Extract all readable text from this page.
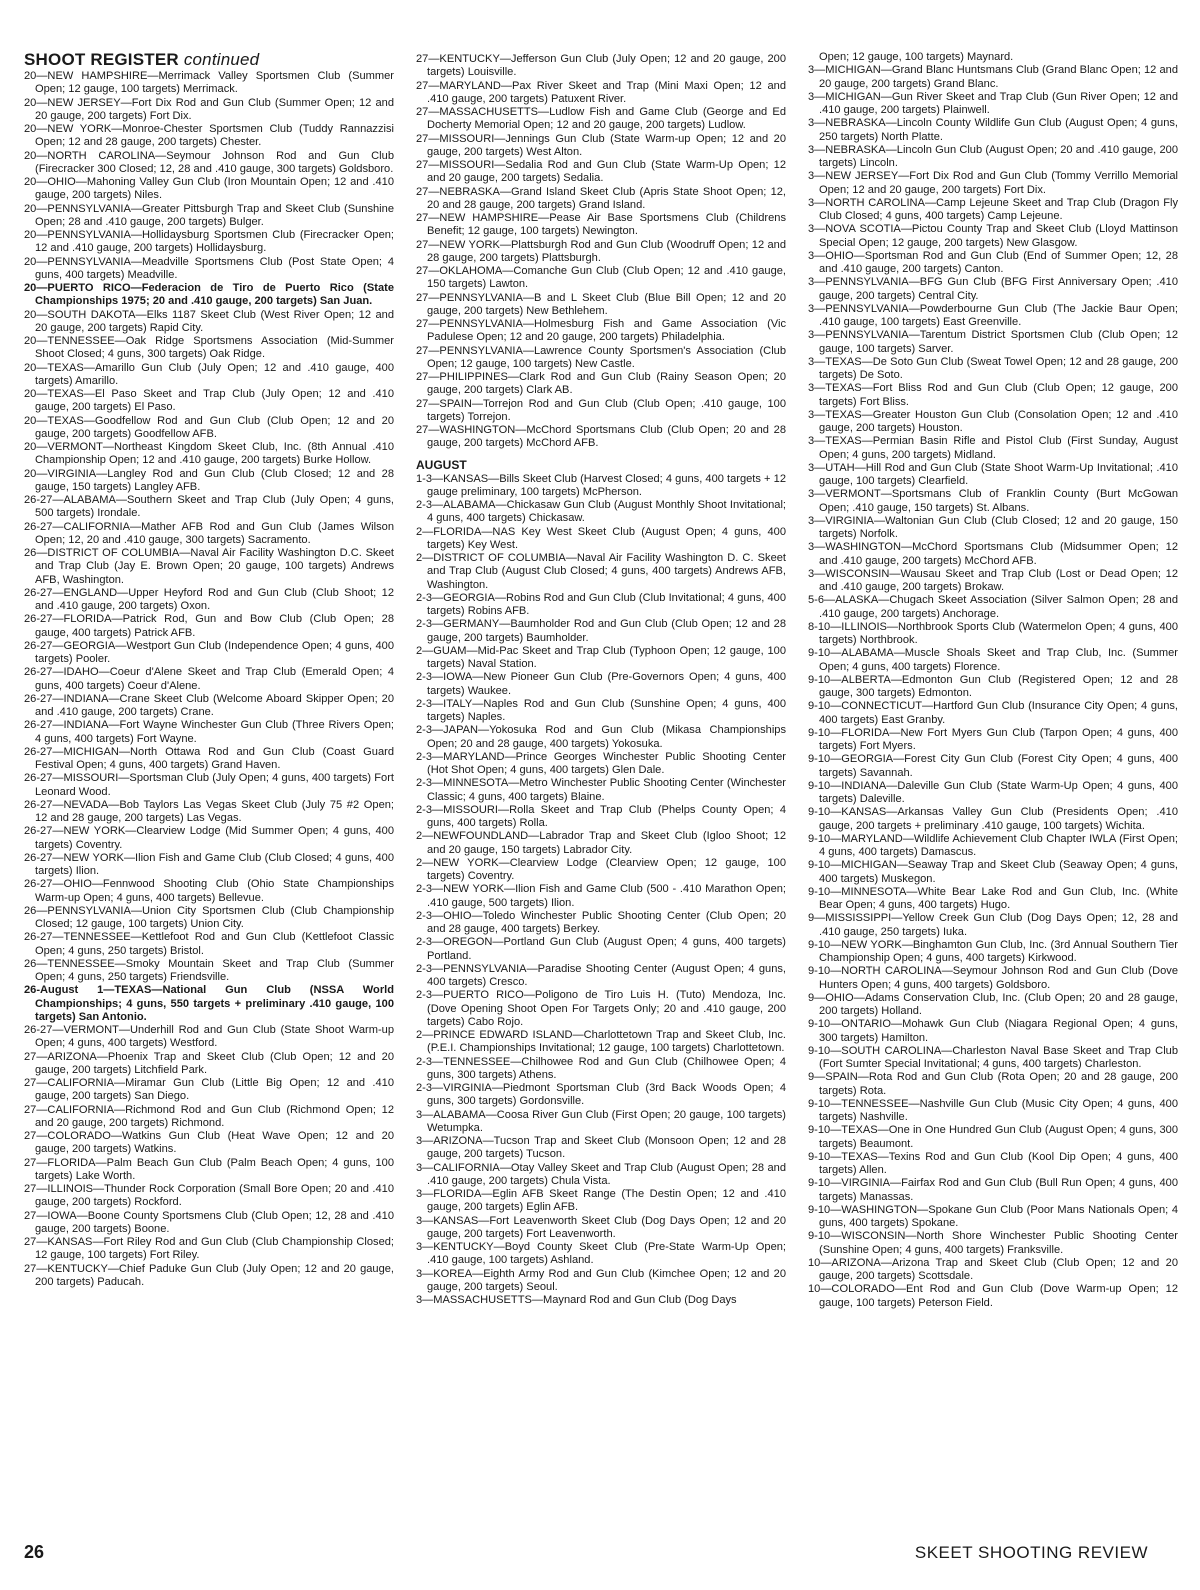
SHOOT REGISTER continued

20—NEW HAMPSHIRE—Merrimack Valley Sportsmen Club (Summer Open; 12 gauge, 100 targets) Merrimack.

20—NEW JERSEY—Fort Dix Rod and Gun Club (Summer Open; 12 and 20 gauge, 200 targets) Fort Dix.

20—NEW YORK—Monroe-Chester Sportsmen Club (Tuddy Rannazzisi Open; 12 and 28 gauge, 200 targets) Chester.

20—NORTH CAROLINA—Seymour Johnson Rod and Gun Club (Firecracker 300 Closed; 12, 28 and .410 gauge, 300 targets) Goldsboro.

20—OHIO—Mahoning Valley Gun Club (Iron Mountain Open; 12 and .410 gauge, 200 targets) Niles.

20—PENNSYLVANIA—Greater Pittsburgh Trap and Skeet Club (Sunshine Open; 28 and .410 gauge, 200 targets) Bulger.

20—PENNSYLVANIA—Hollidaysburg Sportsmen Club (Firecracker Open; 12 and .410 gauge, 200 targets) Hollidaysburg.

20—PENNSYLVANIA—Meadville Sportsmens Club (Post State Open; 4 guns, 400 targets) Meadville.

20—PUERTO RICO—Federacion de Tiro de Puerto Rico (State Championships 1975; 20 and .410 gauge, 200 targets) San Juan.

20—SOUTH DAKOTA—Elks 1187 Skeet Club (West River Open; 12 and 20 gauge, 200 targets) Rapid City.

20—TENNESSEE—Oak Ridge Sportsmens Association (Mid-Summer Shoot Closed; 4 guns, 300 targets) Oak Ridge.

20—TEXAS—Amarillo Gun Club (July Open; 12 and .410 gauge, 400 targets) Amarillo.

20—TEXAS—El Paso Skeet and Trap Club (July Open; 12 and .410 gauge, 200 targets) El Paso.

20—TEXAS—Goodfellow Rod and Gun Club (Club Open; 12 and 20 gauge, 200 targets) Goodfellow AFB.

20—VERMONT—Northeast Kingdom Skeet Club, Inc. (8th Annual .410 Championship Open; 12 and .410 gauge, 200 targets) Burke Hollow.

20—VIRGINIA—Langley Rod and Gun Club (Club Closed; 12 and 28 gauge, 150 targets) Langley AFB.

26-27—ALABAMA—Southern Skeet and Trap Club (July Open; 4 guns, 500 targets) Irondale.

26-27—CALIFORNIA—Mather AFB Rod and Gun Club (James Wilson Open; 12, 20 and .410 gauge, 300 targets) Sacramento.

26—DISTRICT OF COLUMBIA—Naval Air Facility Washington D.C. Skeet and Trap Club (Jay E. Brown Open; 20 gauge, 100 targets) Andrews AFB, Washington.

26-27—ENGLAND—Upper Heyford Rod and Gun Club (Club Shoot; 12 and .410 gauge, 200 targets) Oxon.

26-27—FLORIDA—Patrick Rod, Gun and Bow Club (Club Open; 28 gauge, 400 targets) Patrick AFB.

26-27—GEORGIA—Westport Gun Club (Independence Open; 4 guns, 400 targets) Pooler.

26-27—IDAHO—Coeur d'Alene Skeet and Trap Club (Emerald Open; 4 guns, 400 targets) Coeur d'Alene.

26-27—INDIANA—Crane Skeet Club (Welcome Aboard Skipper Open; 20 and .410 gauge, 200 targets) Crane.

26-27—INDIANA—Fort Wayne Winchester Gun Club (Three Rivers Open; 4 guns, 400 targets) Fort Wayne.

26-27—MICHIGAN—North Ottawa Rod and Gun Club (Coast Guard Festival Open; 4 guns, 400 targets) Grand Haven.

26-27—MISSOURI—Sportsman Club (July Open; 4 guns, 400 targets) Fort Leonard Wood.

26-27—NEVADA—Bob Taylors Las Vegas Skeet Club (July 75 #2 Open; 12 and 28 gauge, 200 targets) Las Vegas.

26-27—NEW YORK—Clearview Lodge (Mid Summer Open; 4 guns, 400 targets) Coventry.

26-27—NEW YORK—Ilion Fish and Game Club (Club Closed; 4 guns, 400 targets) Ilion.

26-27—OHIO—Fennwood Shooting Club (Ohio State Championships Warm-up Open; 4 guns, 400 targets) Bellevue.

26—PENNSYLVANIA—Union City Sportsmen Club (Club Championship Closed; 12 gauge, 100 targets) Union City.

26-27—TENNESSEE—Kettlefoot Rod and Gun Club (Kettlefoot Classic Open; 4 guns, 250 targets) Bristol.

26—TENNESSEE—Smoky Mountain Skeet and Trap Club (Summer Open; 4 guns, 250 targets) Friendsville.

26-August 1—TEXAS—National Gun Club (NSSA World Championships; 4 guns, 550 targets + preliminary .410 gauge, 100 targets) San Antonio.

26-27—VERMONT—Underhill Rod and Gun Club (State Shoot Warm-up Open; 4 guns, 400 targets) Westford.

27—ARIZONA—Phoenix Trap and Skeet Club (Club Open; 12 and 20 gauge, 200 targets) Litchfield Park.

27—CALIFORNIA—Miramar Gun Club (Little Big Open; 12 and .410 gauge, 200 targets) San Diego.

27—CALIFORNIA—Richmond Rod and Gun Club (Richmond Open; 12 and 20 gauge, 200 targets) Richmond.

27—COLORADO—Watkins Gun Club (Heat Wave Open; 12 and 20 gauge, 200 targets) Watkins.

27—FLORIDA—Palm Beach Gun Club (Palm Beach Open; 4 guns, 100 targets) Lake Worth.

27—ILLINOIS—Thunder Rock Corporation (Small Bore Open; 20 and .410 gauge, 200 targets) Rockford.

27—IOWA—Boone County Sportsmens Club (Club Open; 12, 28 and .410 gauge, 200 targets) Boone.

27—KANSAS—Fort Riley Rod and Gun Club (Club Championship Closed; 12 gauge, 100 targets) Fort Riley.

27—KENTUCKY—Chief Paduke Gun Club (July Open; 12 and 20 gauge, 200 targets) Paducah.

27—KENTUCKY—Jefferson Gun Club (July Open; 12 and 20 gauge, 200 targets) Louisville.

27—MARYLAND—Pax River Skeet and Trap (Mini Maxi Open; 12 and .410 gauge, 200 targets) Patuxent River.

27—MASSACHUSETTS—Ludlow Fish and Game Club (George and Ed Docherty Memorial Open; 12 and 20 gauge, 200 targets) Ludlow.

27—MISSOURI—Jennings Gun Club (State Warm-up Open; 12 and 20 gauge, 200 targets) West Alton.

27—MISSOURI—Sedalia Rod and Gun Club (State Warm-Up Open; 12 and 20 gauge, 200 targets) Sedalia.

27—NEBRASKA—Grand Island Skeet Club (Apris State Shoot Open; 12, 20 and 28 gauge, 200 targets) Grand Island.

27—NEW HAMPSHIRE—Pease Air Base Sportsmens Club (Childrens Benefit; 12 gauge, 100 targets) Newington.

27—NEW YORK—Plattsburgh Rod and Gun Club (Woodruff Open; 12 and 28 gauge, 200 targets) Plattsburgh.

27—OKLAHOMA—Comanche Gun Club (Club Open; 12 and .410 gauge, 150 targets) Lawton.

27—PENNSYLVANIA—B and L Skeet Club (Blue Bill Open; 12 and 20 gauge, 200 targets) New Bethlehem.

27—PENNSYLVANIA—Holmesburg Fish and Game Association (Vic Padulese Open; 12 and 20 gauge, 200 targets) Philadelphia.

27—PENNSYLVANIA—Lawrence County Sportsmen's Association (Club Open; 12 gauge, 100 targets) New Castle.

27—PHILIPPINES—Clark Rod and Gun Club (Rainy Season Open; 20 gauge, 200 targets) Clark AB.

27—SPAIN—Torrejon Rod and Gun Club (Club Open; .410 gauge, 100 targets) Torrejon.

27—WASHINGTON—McChord Sportsmans Club (Club Open; 20 and 28 gauge, 200 targets) McChord AFB.

AUGUST

1-3—KANSAS—Bills Skeet Club (Harvest Closed; 4 guns, 400 targets + 12 gauge preliminary, 100 targets) McPherson.

2-3—ALABAMA—Chickasaw Gun Club (August Monthly Shoot Invitational; 4 guns, 400 targets) Chickasaw.

2—FLORIDA—NAS Key West Skeet Club (August Open; 4 guns, 400 targets) Key West.

2—DISTRICT OF COLUMBIA—Naval Air Facility Washington D. C. Skeet and Trap Club (August Club Closed; 4 guns, 400 targets) Andrews AFB, Washington.

2-3—GEORGIA—Robins Rod and Gun Club (Club Invitational; 4 guns, 400 targets) Robins AFB.

2-3—GERMANY—Baumholder Rod and Gun Club (Club Open; 12 and 28 gauge, 200 targets) Baumholder.

2—GUAM—Mid-Pac Skeet and Trap Club (Typhoon Open; 12 gauge, 100 targets) Naval Station.

2-3—IOWA—New Pioneer Gun Club (Pre-Governors Open; 4 guns, 400 targets) Waukee.

2-3—ITALY—Naples Rod and Gun Club (Sunshine Open; 4 guns, 400 targets) Naples.

2-3—JAPAN—Yokosuka Rod and Gun Club (Mikasa Championships Open; 20 and 28 gauge, 400 targets) Yokosuka.

2-3—MARYLAND—Prince Georges Winchester Public Shooting Center (Hot Shot Open; 4 guns, 400 targets) Glen Dale.

2-3—MINNESOTA—Metro Winchester Public Shooting Center (Winchester Classic; 4 guns, 400 targets) Blaine.

2-3—MISSOURI—Rolla Skeet and Trap Club (Phelps County Open; 4 guns, 400 targets) Rolla.

2—NEWFOUNDLAND—Labrador Trap and Skeet Club (Igloo Shoot; 12 and 20 gauge, 150 targets) Labrador City.

2—NEW YORK—Clearview Lodge (Clearview Open; 12 gauge, 100 targets) Coventry.

2-3—NEW YORK—Ilion Fish and Game Club (500 - .410 Marathon Open; .410 gauge, 500 targets) Ilion.

2-3—OHIO—Toledo Winchester Public Shooting Center (Club Open; 20 and 28 gauge, 400 targets) Berkey.

2-3—OREGON—Portland Gun Club (August Open; 4 guns, 400 targets) Portland.

2-3—PENNSYLVANIA—Paradise Shooting Center (August Open; 4 guns, 400 targets) Cresco.

2-3—PUERTO RICO—Poligono de Tiro Luis H. (Tuto) Mendoza, Inc. (Dove Opening Shoot Open For Targets Only; 20 and .410 gauge, 200 targets) Cabo Rojo.

2—PRINCE EDWARD ISLAND—Charlottetown Trap and Skeet Club, Inc. (P.E.I. Championships Invitational; 12 gauge, 100 targets) Charlottetown.

2-3—TENNESSEE—Chilhowee Rod and Gun Club (Chilhowee Open; 4 guns, 300 targets) Athens.

2-3—VIRGINIA—Piedmont Sportsman Club (3rd Back Woods Open; 4 guns, 300 targets) Gordonsville.

3—ALABAMA—Coosa River Gun Club (First Open; 20 gauge, 100 targets) Wetumpka.

3—ARIZONA—Tucson Trap and Skeet Club (Monsoon Open; 12 and 28 gauge, 200 targets) Tucson.

3—CALIFORNIA—Otay Valley Skeet and Trap Club (August Open; 28 and .410 gauge, 200 targets) Chula Vista.

3—FLORIDA—Eglin AFB Skeet Range (The Destin Open; 12 and .410 gauge, 200 targets) Eglin AFB.

3—KANSAS—Fort Leavenworth Skeet Club (Dog Days Open; 12 and 20 gauge, 200 targets) Fort Leavenworth.

3—KENTUCKY—Boyd County Skeet Club (Pre-State Warm-Up Open; .410 gauge, 100 targets) Ashland.

3—KOREA—Eighth Army Rod and Gun Club (Kimchee Open; 12 and 20 gauge, 200 targets) Seoul.

3—MASSACHUSETTS—Maynard Rod and Gun Club (Dog Days

Open; 12 gauge, 100 targets) Maynard.

3—MICHIGAN—Grand Blanc Huntsmans Club (Grand Blanc Open; 12 and 20 gauge, 200 targets) Grand Blanc.

3—MICHIGAN—Gun River Skeet and Trap Club (Gun River Open; 12 and .410 gauge, 200 targets) Plainwell.

3—NEBRASKA—Lincoln County Wildlife Gun Club (August Open; 4 guns, 250 targets) North Platte.

3—NEBRASKA—Lincoln Gun Club (August Open; 20 and .410 gauge, 200 targets) Lincoln.

3—NEW JERSEY—Fort Dix Rod and Gun Club (Tommy Verrillo Memorial Open; 12 and 20 gauge, 200 targets) Fort Dix.

3—NORTH CAROLINA—Camp Lejeune Skeet and Trap Club (Dragon Fly Club Closed; 4 guns, 400 targets) Camp Lejeune.

3—NOVA SCOTIA—Pictou County Trap and Skeet Club (Lloyd Mattinson Special Open; 12 gauge, 200 targets) New Glasgow.

3—OHIO—Sportsman Rod and Gun Club (End of Summer Open; 12, 28 and .410 gauge, 200 targets) Canton.

3—PENNSYLVANIA—BFG Gun Club (BFG First Anniversary Open; .410 gauge, 200 targets) Central City.

3—PENNSYLVANIA—Powderbourne Gun Club (The Jackie Baur Open; .410 gauge, 100 targets) East Greenville.

3—PENNSYLVANIA—Tarentum District Sportsmen Club (Club Open; 12 gauge, 100 targets) Sarver.

3—TEXAS—De Soto Gun Club (Sweat Towel Open; 12 and 28 gauge, 200 targets) De Soto.

3—TEXAS—Fort Bliss Rod and Gun Club (Club Open; 12 gauge, 200 targets) Fort Bliss.

3—TEXAS—Greater Houston Gun Club (Consolation Open; 12 and .410 gauge, 200 targets) Houston.

3—TEXAS—Permian Basin Rifle and Pistol Club (First Sunday, August Open; 4 guns, 200 targets) Midland.

3—UTAH—Hill Rod and Gun Club (State Shoot Warm-Up Invitational; .410 gauge, 100 targets) Clearfield.

3—VERMONT—Sportsmans Club of Franklin County (Burt McGowan Open; .410 gauge, 150 targets) St. Albans.

3—VIRGINIA—Waltonian Gun Club (Club Closed; 12 and 20 gauge, 150 targets) Norfolk.

3—WASHINGTON—McChord Sportsmans Club (Midsummer Open; 12 and .410 gauge, 200 targets) McChord AFB.

3—WISCONSIN—Wausau Skeet and Trap Club (Lost or Dead Open; 12 and .410 gauge, 200 targets) Brokaw.

5-6—ALASKA—Chugach Skeet Association (Silver Salmon Open; 28 and .410 gauge, 200 targets) Anchorage.

8-10—ILLINOIS—Northbrook Sports Club (Watermelon Open; 4 guns, 400 targets) Northbrook.

9-10—ALABAMA—Muscle Shoals Skeet and Trap Club, Inc. (Summer Open; 4 guns, 400 targets) Florence.

9-10—ALBERTA—Edmonton Gun Club (Registered Open; 12 and 28 gauge, 300 targets) Edmonton.

9-10—CONNECTICUT—Hartford Gun Club (Insurance City Open; 4 guns, 400 targets) East Granby.

9-10—FLORIDA—New Fort Myers Gun Club (Tarpon Open; 4 guns, 400 targets) Fort Myers.

9-10—GEORGIA—Forest City Gun Club (Forest City Open; 4 guns, 400 targets) Savannah.

9-10—INDIANA—Daleville Gun Club (State Warm-Up Open; 4 guns, 400 targets) Daleville.

9-10—KANSAS—Arkansas Valley Gun Club (Presidents Open; .410 gauge, 200 targets + preliminary .410 gauge, 100 targets) Wichita.

9-10—MARYLAND—Wildlife Achievement Club Chapter IWLA (First Open; 4 guns, 400 targets) Damascus.

9-10—MICHIGAN—Seaway Trap and Skeet Club (Seaway Open; 4 guns, 400 targets) Muskegon.

9-10—MINNESOTA—White Bear Lake Rod and Gun Club, Inc. (White Bear Open; 4 guns, 400 targets) Hugo.

9—MISSISSIPPI—Yellow Creek Gun Club (Dog Days Open; 12, 28 and .410 gauge, 250 targets) Iuka.

9-10—NEW YORK—Binghamton Gun Club, Inc. (3rd Annual Southern Tier Championship Open; 4 guns, 400 targets) Kirkwood.

9-10—NORTH CAROLINA—Seymour Johnson Rod and Gun Club (Dove Hunters Open; 4 guns, 400 targets) Goldsboro.

9—OHIO—Adams Conservation Club, Inc. (Club Open; 20 and 28 gauge, 200 targets) Holland.

9-10—ONTARIO—Mohawk Gun Club (Niagara Regional Open; 4 guns, 300 targets) Hamilton.

9-10—SOUTH CAROLINA—Charleston Naval Base Skeet and Trap Club (Fort Sumter Special Invitational; 4 guns, 400 targets) Charleston.

9—SPAIN—Rota Rod and Gun Club (Rota Open; 20 and 28 gauge, 200 targets) Rota.

9-10—TENNESSEE—Nashville Gun Club (Music City Open; 4 guns, 400 targets) Nashville.

9-10—TEXAS—One in One Hundred Gun Club (August Open; 4 guns, 300 targets) Beaumont.

9-10—TEXAS—Texins Rod and Gun Club (Kool Dip Open; 4 guns, 400 targets) Allen.

9-10—VIRGINIA—Fairfax Rod and Gun Club (Bull Run Open; 4 guns, 400 targets) Manassas.

9-10—WASHINGTON—Spokane Gun Club (Poor Mans Nationals Open; 4 guns, 400 targets) Spokane.

9-10—WISCONSIN—North Shore Winchester Public Shooting Center (Sunshine Open; 4 guns, 400 targets) Franksville.

10—ARIZONA—Arizona Trap and Skeet Club (Club Open; 12 and 20 gauge, 200 targets) Scottsdale.

10—COLORADO—Ent Rod and Gun Club (Dove Warm-up Open; 12 gauge, 100 targets) Peterson Field.

26	SKEET SHOOTING REVIEW
